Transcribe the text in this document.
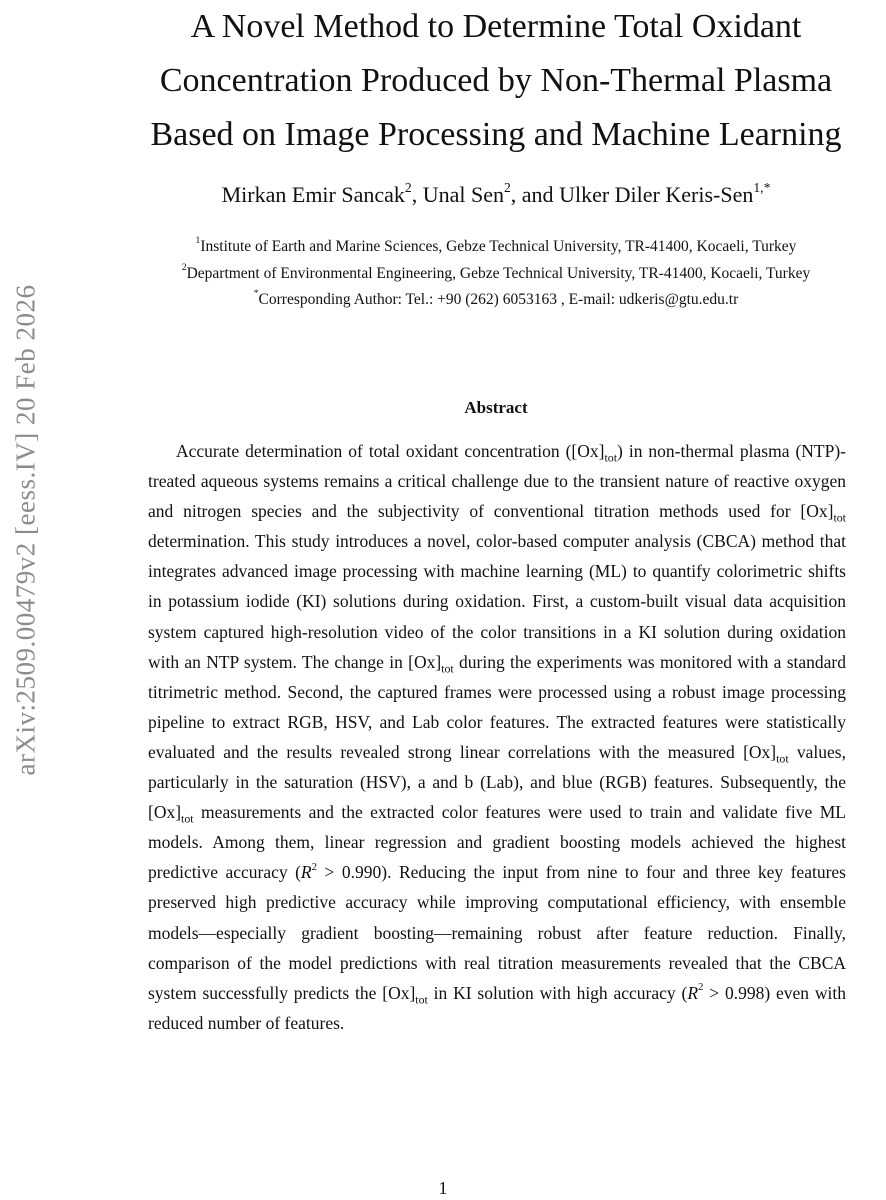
arXiv:2509.00479v2 [eess.IV] 20 Feb 2026
A Novel Method to Determine Total Oxidant
Concentration Produced by Non-Thermal Plasma
Based on Image Processing and Machine Learning
Mirkan Emir Sancak$^2$, Unal Sen$^2$, and Ulker Diler Keris-Sen$^{1,*}$
$^1$Institute of Earth and Marine Sciences, Gebze Technical University, TR-41400, Kocaeli, Turkey
$^2$Department of Environmental Engineering, Gebze Technical University, TR-41400, Kocaeli, Turkey
*Corresponding Author: Tel.: +90 (262) 6053163 , E-mail: udkeris@gtu.edu.tr
Abstract

Accurate determination of total oxidant concentration $([Ox]_{tot})$ in non-thermal plasma (NTP)-treated aqueous systems remains a critical challenge due to the transient nature of reactive oxygen and nitrogen species and the subjectivity of conventional titration methods used for $[Ox]_{tot}$ determination. This study introduces a novel, color-based computer analysis (CBCA) method that integrates advanced image processing with machine learning (ML) to quantify colorimetric shifts in potassium iodide (KI) solutions during oxidation. First, a custom-built visual data acquisition system captured high-resolution video of the color transitions in a KI solution during oxidation with an NTP system. The change in $[Ox]_{tot}$ during the experiments was monitored with a standard titrimetric method. Second, the captured frames were processed using a robust image processing pipeline to extract RGB, HSV, and Lab color features. The extracted features were statistically evaluated and the results revealed strong linear correlations with the measured $[Ox]_{tot}$ values, particularly in the saturation (HSV), a and b (Lab), and blue (RGB) features. Subsequently, the $[Ox]_{tot}$ measurements and the extracted color features were used to train and validate five ML models. Among them, linear regression and gradient boosting models achieved the highest predictive accuracy $(R^2 > 0.990)$. Reducing the input from nine to four and three key features preserved high predictive accuracy while improving computational efficiency, with ensemble models—especially gradient boosting—remaining robust after feature reduction. Finally, comparison of the model predictions with real titration measurements revealed that the CBCA system successfully predicts the $[Ox]_{tot}$ in KI solution with high accuracy $(R^2 > 0.998)$ even with reduced number of features.

1
